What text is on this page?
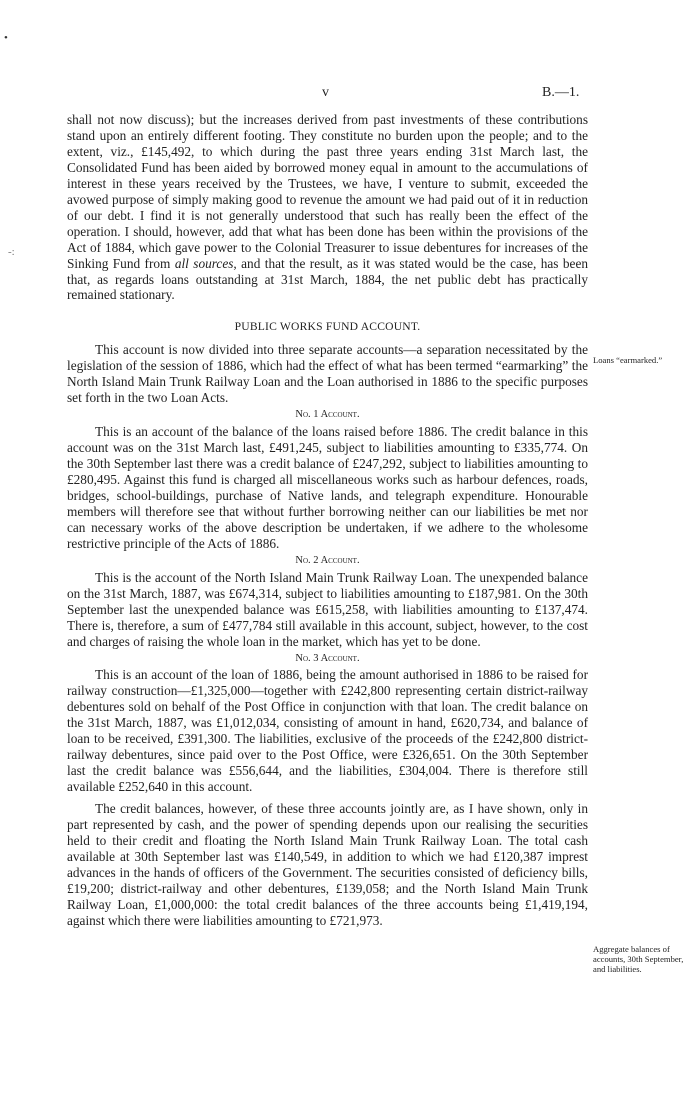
•
-:
v	B.—1.

shall not now discuss); but the increases derived from past investments of these contributions stand upon an entirely different footing. They constitute no burden upon the people; and to the extent, viz., £145,492, to which during the past three years ending 31st March last, the Consolidated Fund has been aided by borrowed money equal in amount to the accumulations of interest in these years received by the Trustees, we have, I venture to submit, exceeded the avowed purpose of simply making good to revenue the amount we had paid out of it in reduction of our debt. I find it is not generally understood that such has really been the effect of the operation. I should, however, add that what has been done has been within the provisions of the Act of 1884, which gave power to the Colonial Treasurer to issue debentures for increases of the Sinking Fund from all sources, and that the result, as it was stated would be the case, has been that, as regards loans outstanding at 31st March, 1884, the net public debt has practically remained stationary.

PUBLIC WORKS FUND ACCOUNT.

This account is now divided into three separate accounts—a separation necessitated by the legislation of the session of 1886, which had the effect of what has been termed “earmarking” the North Island Main Trunk Railway Loan and the Loan authorised in 1886 to the specific purposes set forth in the two Loan Acts.

No. 1 Account.

This is an account of the balance of the loans raised before 1886. The credit balance in this account was on the 31st March last, £491,245, subject to liabilities amounting to £335,774. On the 30th September last there was a credit balance of £247,292, subject to liabilities amounting to £280,495. Against this fund is charged all miscellaneous works such as harbour defences, roads, bridges, school-buildings, purchase of Native lands, and telegraph expenditure. Honourable members will therefore see that without further borrowing neither can our liabilities be met nor can necessary works of the above description be undertaken, if we adhere to the wholesome restrictive principle of the Acts of 1886.

No. 2 Account.

This is the account of the North Island Main Trunk Railway Loan. The unexpended balance on the 31st March, 1887, was £674,314, subject to liabilities amounting to £187,981. On the 30th September last the unexpended balance was £615,258, with liabilities amounting to £137,474. There is, therefore, a sum of £477,784 still available in this account, subject, however, to the cost and charges of raising the whole loan in the market, which has yet to be done.

No. 3 Account.

This is an account of the loan of 1886, being the amount authorised in 1886 to be raised for railway construction—£1,325,000—together with £242,800 representing certain district-railway debentures sold on behalf of the Post Office in conjunction with that loan. The credit balance on the 31st March, 1887, was £1,012,034, consisting of amount in hand, £620,734, and balance of loan to be received, £391,300. The liabilities, exclusive of the proceeds of the £242,800 district-railway debentures, since paid over to the Post Office, were £326,651. On the 30th September last the credit balance was £556,644, and the liabilities, £304,004. There is therefore still available £252,640 in this account.

The credit balances, however, of these three accounts jointly are, as I have shown, only in part represented by cash, and the power of spending depends upon our realising the securities held to their credit and floating the North Island Main Trunk Railway Loan. The total cash available at 30th September last was £140,549, in addition to which we had £120,387 imprest advances in the hands of officers of the Government. The securities consisted of deficiency bills, £19,200; district-railway and other debentures, £139,058; and the North Island Main Trunk Railway Loan, £1,000,000: the total credit balances of the three accounts being £1,419,194, against which there were liabilities amounting to £721,973.

Loans “earmarked.”
Aggregate balances of accounts, 30th September, and liabilities.
